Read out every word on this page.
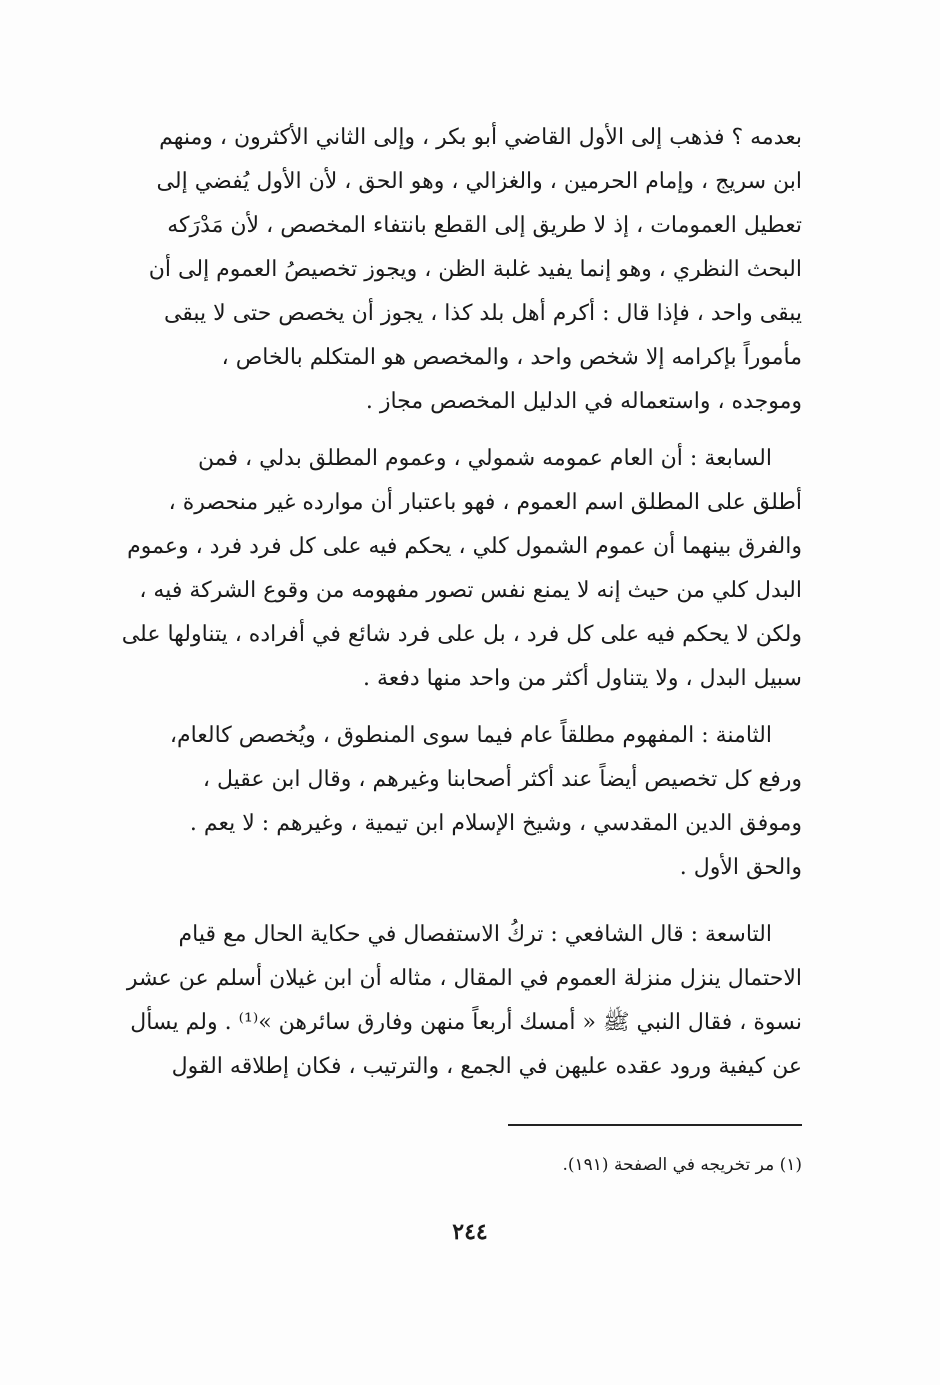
بعدمه ؟ فذهب إلى الأول القاضي أبو بكر ، وإلى الثاني الأكثرون ، ومنهم

ابن سريج ، وإمام الحرمين ، والغزالي ، وهو الحق ، لأن الأول يُفضي إلى

تعطيل العمومات ، إذ لا طريق إلى القطع بانتفاء المخصص ، لأن مَدْرَكه

البحث النظري ، وهو إنما يفيد غلبة الظن ، ويجوز تخصيصُ العموم إلى أن

يبقى واحد ، فإذا قال : أكرم أهل بلد كذا ، يجوز أن يخصص حتى لا يبقى

مأموراً بإكرامه إلا شخص واحد ، والمخصص هو المتكلم بالخاص ،

وموجده ، واستعماله في الدليل المخصص مجاز .

السابعة : أن العام عمومه شمولي ، وعموم المطلق بدلي ، فمن

أطلق على المطلق اسم العموم ، فهو باعتبار أن موارده غير منحصرة ،

والفرق بينهما أن عموم الشمول كلي ، يحكم فيه على كل فرد فرد ، وعموم

البدل كلي من حيث إنه لا يمنع نفس تصور مفهومه من وقوع الشركة فيه ،

ولكن لا يحكم فيه على كل فرد ، بل على فرد شائع في أفراده ، يتناولها على

سبيل البدل ، ولا يتناول أكثر من واحد منها دفعة .

الثامنة : المفهوم مطلقاً عام فيما سوى المنطوق ، ويُخصص كالعام،

ورفع كل تخصيص أيضاً عند أكثر أصحابنا وغيرهم ، وقال ابن عقيل ،

وموفق الدين المقدسي ، وشيخ الإسلام ابن تيمية ، وغيرهم : لا يعم .

والحق الأول .

التاسعة : قال الشافعي : تركُ الاستفصال في حكاية الحال مع قيام

الاحتمال ينزل منزلة العموم في المقال ، مثاله أن ابن غيلان أسلم عن عشر

نسوة ، فقال النبي ﷺ « أمسك أربعاً منهن وفارق سائرهن »⁽¹⁾ . ولم يسأل

عن كيفية ورود عقده عليهن في الجمع ، والترتيب ، فكان إطلاقه القول

(١) مر تخريجه في الصفحة (١٩١).
٢٤٤
